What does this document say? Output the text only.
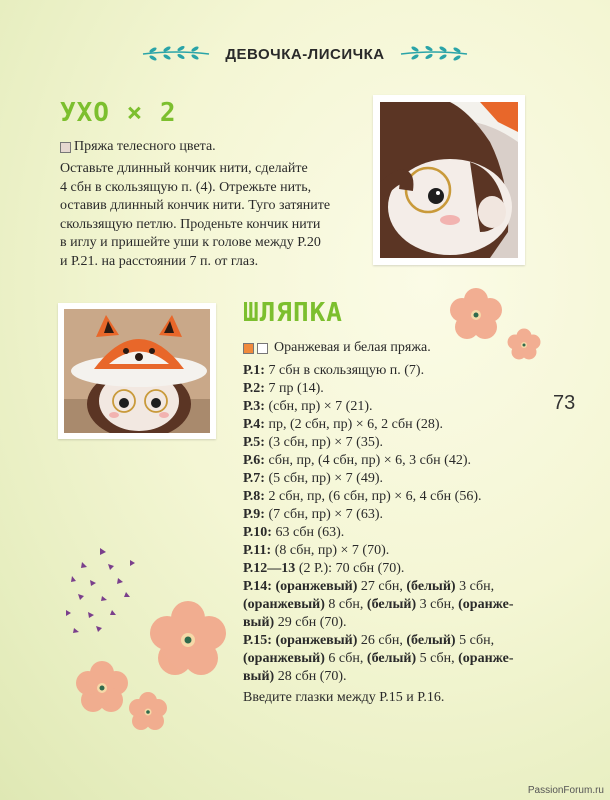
ДЕВОЧКА-ЛИСИЧКА
УХО × 2
Пряжа телесного цвета.
Оставьте длинный кончик нити, сделайте
4 сбн в скользящую п. (4). Отрежьте нить,
оставив длинный кончик нити. Туго затяните
скользящую петлю. Проденьте кончик нити
в иглу и пришейте уши к голове между Р.20
и Р.21. на расстоянии 7 п. от глаз.
ШЛЯПКА
Оранжевая и белая пряжа.
Р.1: 7 сбн в скользящую п. (7).
Р.2: 7 пр (14).
Р.3: (сбн, пр) × 7 (21).
Р.4: пр, (2 сбн, пр) × 6, 2 сбн (28).
Р.5: (3 сбн, пр) × 7 (35).
Р.6: сбн, пр, (4 сбн, пр) × 6, 3 сбн (42).
Р.7: (5 сбн, пр) × 7 (49).
Р.8: 2 сбн, пр, (6 сбн, пр) × 6, 4 сбн (56).
Р.9: (7 сбн, пр) × 7 (63).
Р.10: 63 сбн (63).
Р.11: (8 сбн, пр) × 7 (70).
Р.12—13 (2 Р.): 70 сбн (70).
Р.14: (оранжевый) 27 сбн, (белый) 3 сбн,
(оранжевый) 8 сбн, (белый) 3 сбн, (оранже-
вый) 29 сбн (70).
Р.15: (оранжевый) 26 сбн, (белый) 5 сбн,
(оранжевый) 6 сбн, (белый) 5 сбн, (оранже-
вый) 28 сбн (70).
Введите глазки между Р.15 и Р.16.
73
PassionForum.ru
